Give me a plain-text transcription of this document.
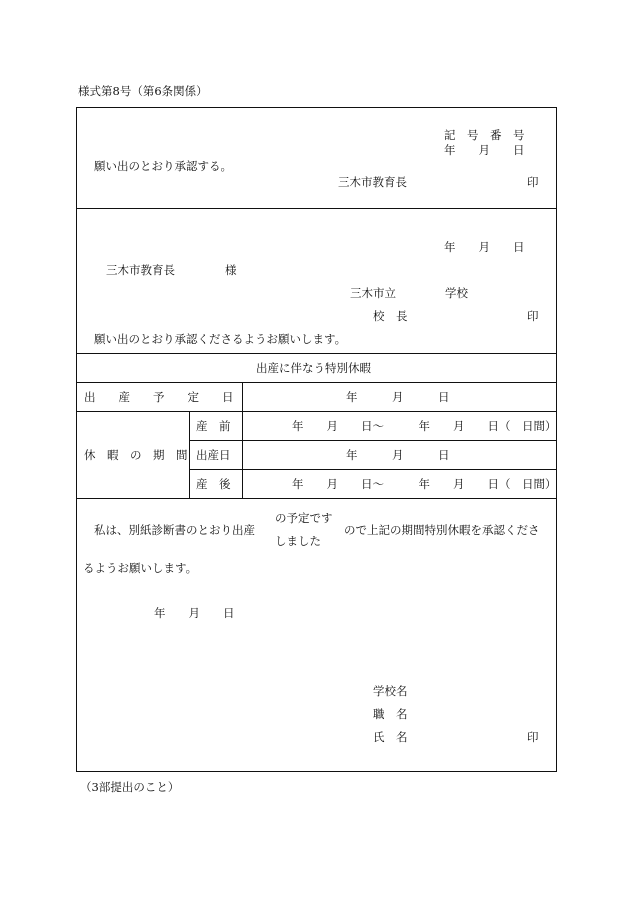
様式第8号（第6条関係）
記　号　番　号
年　　月　　日
願い出のとおり承認する。
三木市教育長	印
年　　月　　日
三木市教育長	様
三木市立	学校
校　長	印
願い出のとおり承認くださるようお願いします。
出産に伴なう特別休暇
出　　産　　予　　定　　日	年　　　月　　　日
休　暇　の　期　間
産　前	年　　月　　日～　　　年　　月　　日（　日間）
出産日	年　　　月　　　日
産　後	年　　月　　日～　　　年　　月　　日（　日間）
私は、別紙診断書のとおり出産
の予定です
しました
ので上記の期間特別休暇を承認くださ
るようお願いします。
年　　月　　日
学校名
職　名
氏　名	印
（3部提出のこと）
